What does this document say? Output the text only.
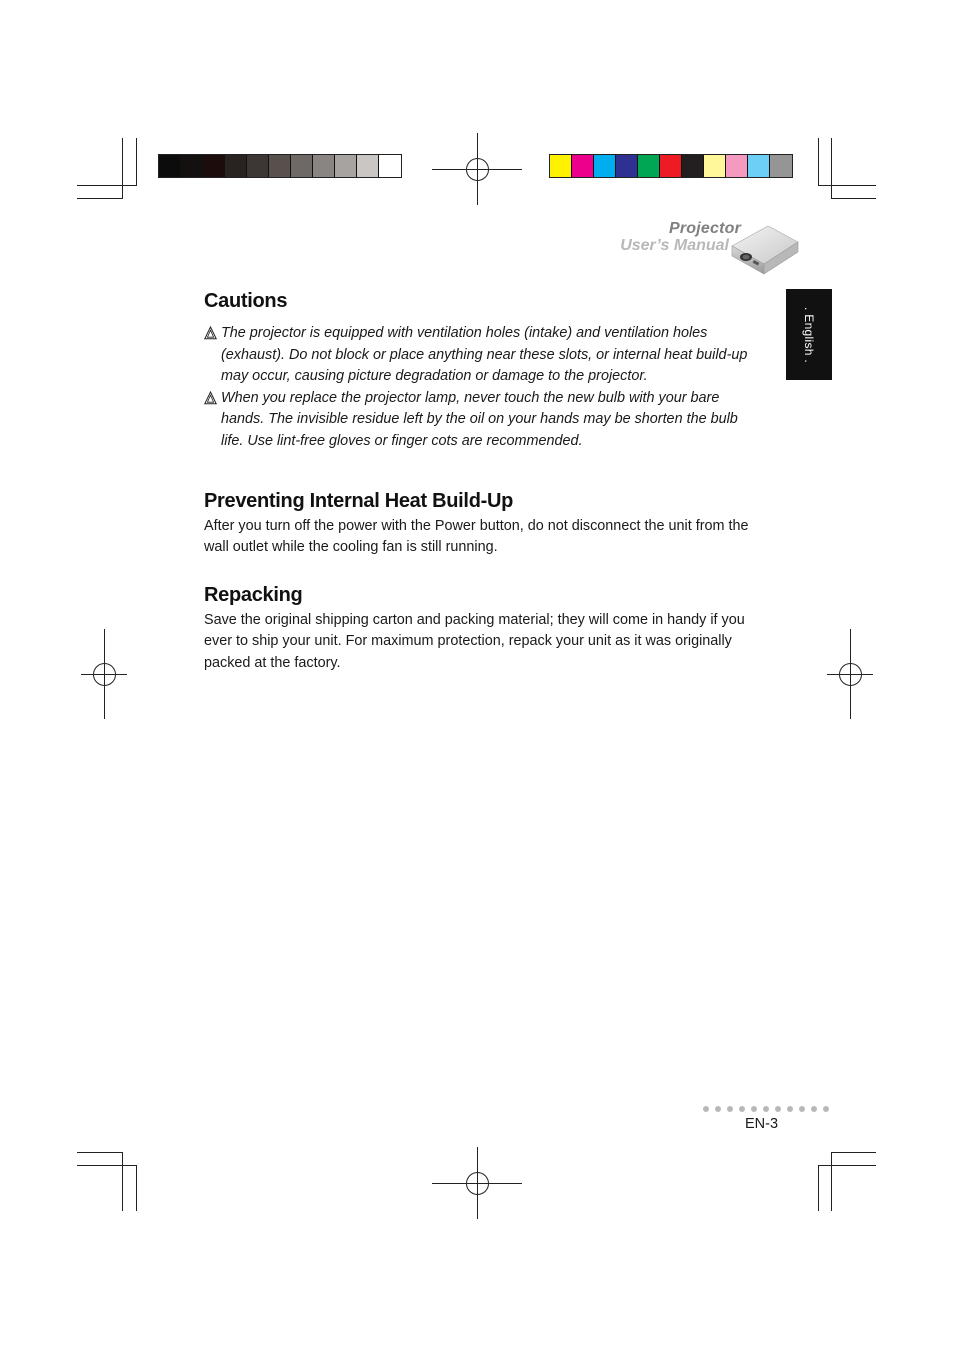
Projector
User’s Manual
. English .
Cautions

The projector is equipped with ventilation holes (intake) and ventilation holes (exhaust). Do not block or place anything near these slots, or internal heat build-up may occur, causing picture degradation or damage to the projector.

When you replace the projector lamp, never touch the new bulb with your bare hands. The invisible residue left by the oil on your hands may be shorten the bulb life. Use lint-free gloves or finger cots are recommended.

Preventing Internal Heat Build-Up

After you turn off the power with the Power button, do not disconnect the unit from the wall outlet while the cooling fan is still running.

Repacking

Save the original shipping carton and packing material; they will come in handy if you ever to ship your unit. For maximum protection, repack your unit as it was originally packed at the factory.

EN-3
